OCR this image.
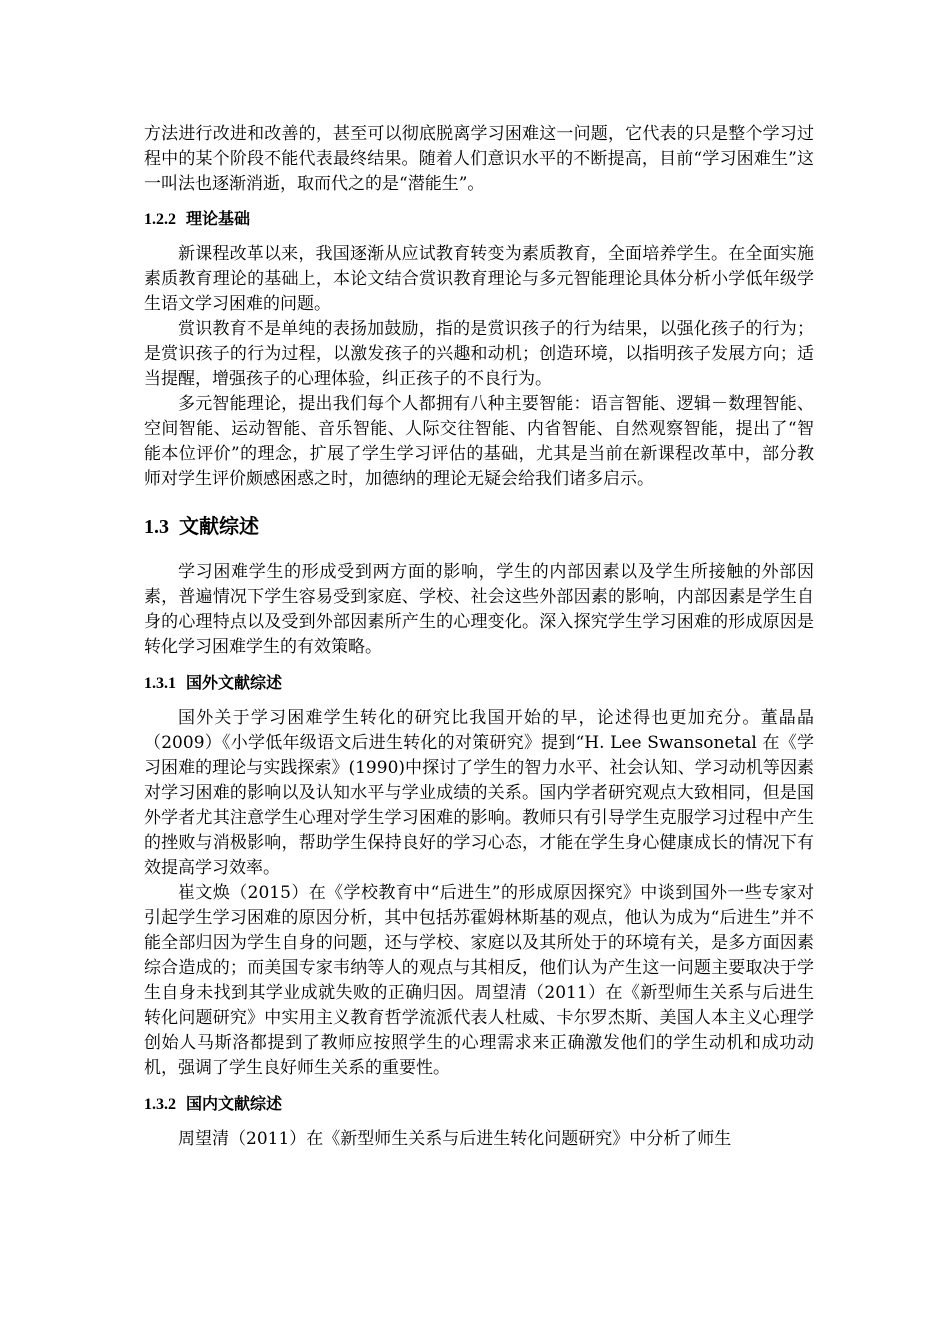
方法进行改进和改善的，甚至可以彻底脱离学习困难这一问题，它代表的只是整个学习过程中的某个阶段不能代表最终结果。随着人们意识水平的不断提高，目前“学习困难生”这一叫法也逐渐消逝，取而代之的是“潜能生”。

1.2.2 理论基础

新课程改革以来，我国逐渐从应试教育转变为素质教育，全面培养学生。在全面实施素质教育理论的基础上，本论文结合赏识教育理论与多元智能理论具体分析小学低年级学生语文学习困难的问题。

赏识教育不是单纯的表扬加鼓励，指的是赏识孩子的行为结果，以强化孩子的行为；是赏识孩子的行为过程，以激发孩子的兴趣和动机；创造环境，以指明孩子发展方向；适当提醒，增强孩子的心理体验，纠正孩子的不良行为。

多元智能理论，提出我们每个人都拥有八种主要智能：语言智能、逻辑－数理智能、空间智能、运动智能、音乐智能、人际交往智能、内省智能、自然观察智能，提出了“智能本位评价”的理念，扩展了学生学习评估的基础，尤其是当前在新课程改革中，部分教师对学生评价颇感困惑之时，加德纳的理论无疑会给我们诸多启示。

1.3 文献综述

学习困难学生的形成受到两方面的影响，学生的内部因素以及学生所接触的外部因素，普遍情况下学生容易受到家庭、学校、社会这些外部因素的影响，内部因素是学生自身的心理特点以及受到外部因素所产生的心理变化。深入探究学生学习困难的形成原因是转化学习困难学生的有效策略。

1.3.1 国外文献综述

国外关于学习困难学生转化的研究比我国开始的早，论述得也更加充分。董晶晶（2009）《小学低年级语文后进生转化的对策研究》提到“H. Lee Swansonetal 在《学习困难的理论与实践探索》(1990)中探讨了学生的智力水平、社会认知、学习动机等因素对学习困难的影响以及认知水平与学业成绩的关系。国内学者研究观点大致相同，但是国外学者尤其注意学生心理对学生学习困难的影响。教师只有引导学生克服学习过程中产生的挫败与消极影响，帮助学生保持良好的学习心态，才能在学生身心健康成长的情况下有效提高学习效率。

崔文焕（2015）在《学校教育中“后进生”的形成原因探究》中谈到国外一些专家对引起学生学习困难的原因分析，其中包括苏霍姆林斯基的观点，他认为成为“后进生”并不能全部归因为学生自身的问题，还与学校、家庭以及其所处于的环境有关，是多方面因素综合造成的；而美国专家韦纳等人的观点与其相反，他们认为产生这一问题主要取决于学生自身未找到其学业成就失败的正确归因。周望清（2011）在《新型师生关系与后进生转化问题研究》中实用主义教育哲学流派代表人杜威、卡尔罗杰斯、美国人本主义心理学创始人马斯洛都提到了教师应按照学生的心理需求来正确激发他们的学生动机和成功动机，强调了学生良好师生关系的重要性。

1.3.2 国内文献综述

周望清（2011）在《新型师生关系与后进生转化问题研究》中分析了师生
